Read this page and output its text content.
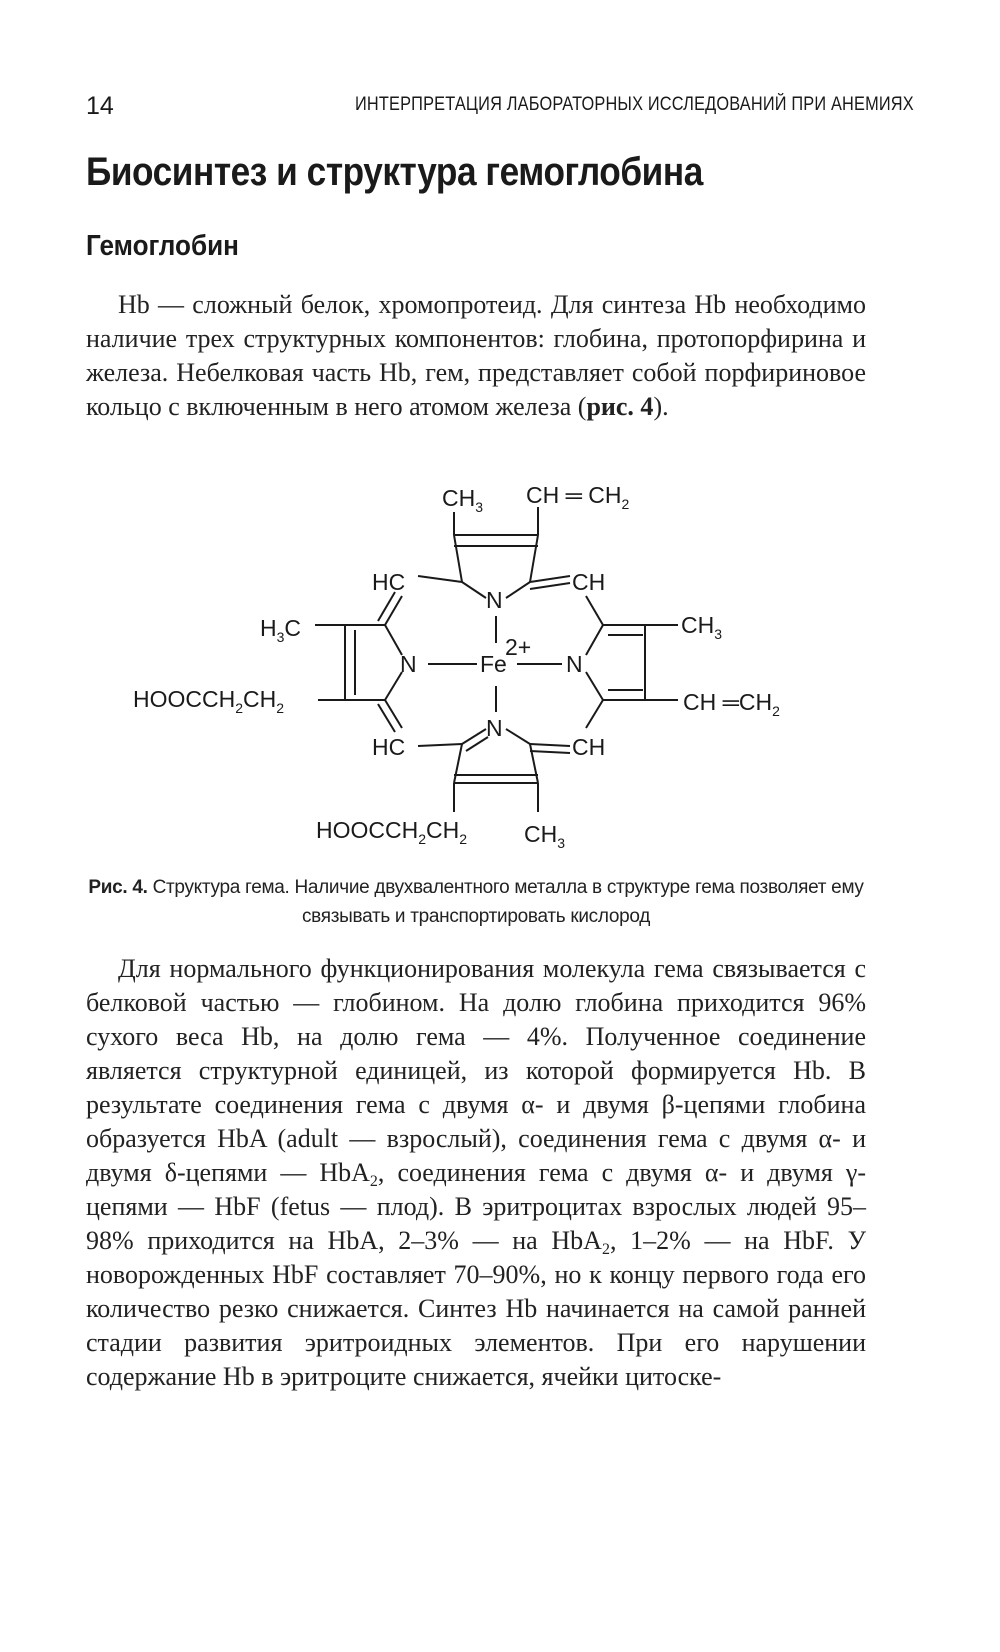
14	ИНТЕРПРЕТАЦИЯ ЛАБОРАТОРНЫХ ИССЛЕДОВАНИЙ ПРИ АНЕМИЯХ
Биосинтез и структура гемоглобина
Гемоглобин

Hb — сложный белок, хромопротеид. Для синтеза Hb необходимо наличие трех структурных компонентов: глобина, протопорфирина и железа. Небелковая часть Hb, гем, представляет собой порфириновое кольцо с включенным в него атомом железа (рис. 4).

$CH_3$ CH ═ $CH_2$
HC	CH
N
$H_3C$	$CH_3$
2+
N	Fe	N
$HOOCCH_2CH_2$	CH $═CH_2$
N
HC	CH
$HOOCCH_2CH_2$ $CH_3$

Рис. 4. Структура гема. Наличие двухвалентного металла в структуре гема позволяет ему связывать и транспортировать кислород

Для нормального функционирования молекула гема связывается с белковой частью — глобином. На долю глобина приходится 96% сухого веса Hb, на долю гема — 4%. Полученное соединение является структурной единицей, из которой формируется Hb. В результате соединения гема с двумя α- и двумя β-цепями глобина образуется HbA (adult — взрослый), соединения гема с двумя α- и двумя δ-цепями — HbA$_2$, соединения гема с двумя α- и двумя γ-цепями — HbF (fetus — плод). В эритроцитах взрослых людей 95–98% приходится на HbA, 2–3% — на HbA$_2$, 1–2% — на HbF. У новорожденных HbF составляет 70–90%, но к концу первого года его количество резко снижается. Синтез Hb начинается на самой ранней стадии развития эритроидных элементов. При его нарушении содержание Hb в эритроците снижается, ячейки цитоске-
